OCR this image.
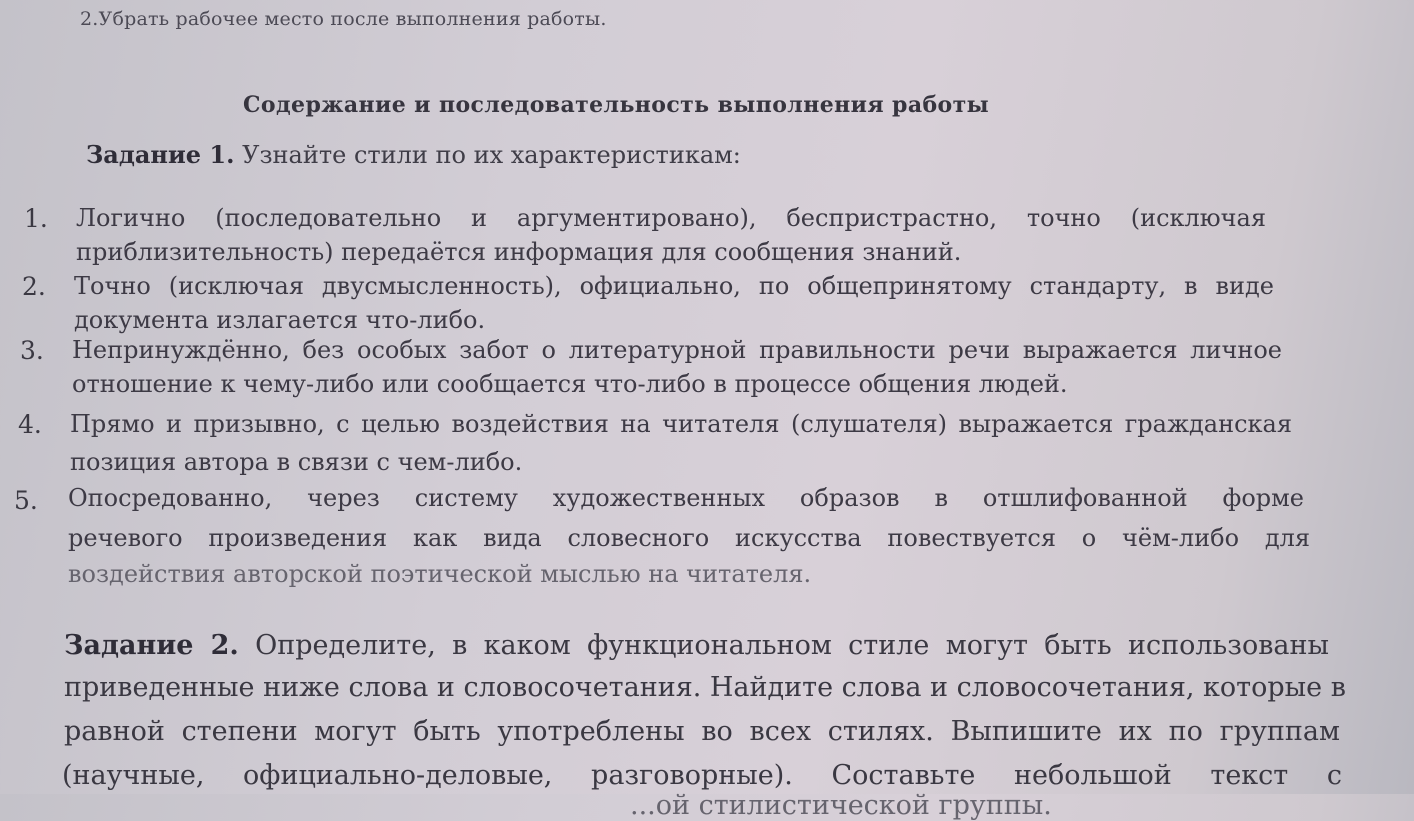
2.Убрать рабочее место после выполнения работы.
Содержание и последовательность выполнения работы
Задание 1. Узнайте стили по их характеристикам:
1. Логично (последовательно и аргументировано), беспристрастно, точно (исключая
приблизительность) передаётся информация для сообщения знаний.
2. Точно (исключая двусмысленность), официально, по общепринятому стандарту, в виде
документа излагается что-либо.
3. Непринуждённо, без особых забот о литературной правильности речи выражается личное
отношение к чему-либо или сообщается что-либо в процессе общения людей.
4. Прямо и призывно, с целью воздействия на читателя (слушателя) выражается гражданская
позиция автора в связи с чем-либо.
5. Опосредованно, через систему художественных образов в отшлифованной форме
речевого произведения как вида словесного искусства повествуется о чём-либо для
воздействия авторской поэтической мыслью на читателя.
Задание 2. Определите, в каком функциональном стиле могут быть использованы
приведенные ниже слова и словосочетания. Найдите слова и словосочетания, которые в
равной степени могут быть употреблены во всех стилях. Выпишите их по группам
(научные, официально-деловые, разговорные). Составьте небольшой текст с
...ой стилистической группы.
